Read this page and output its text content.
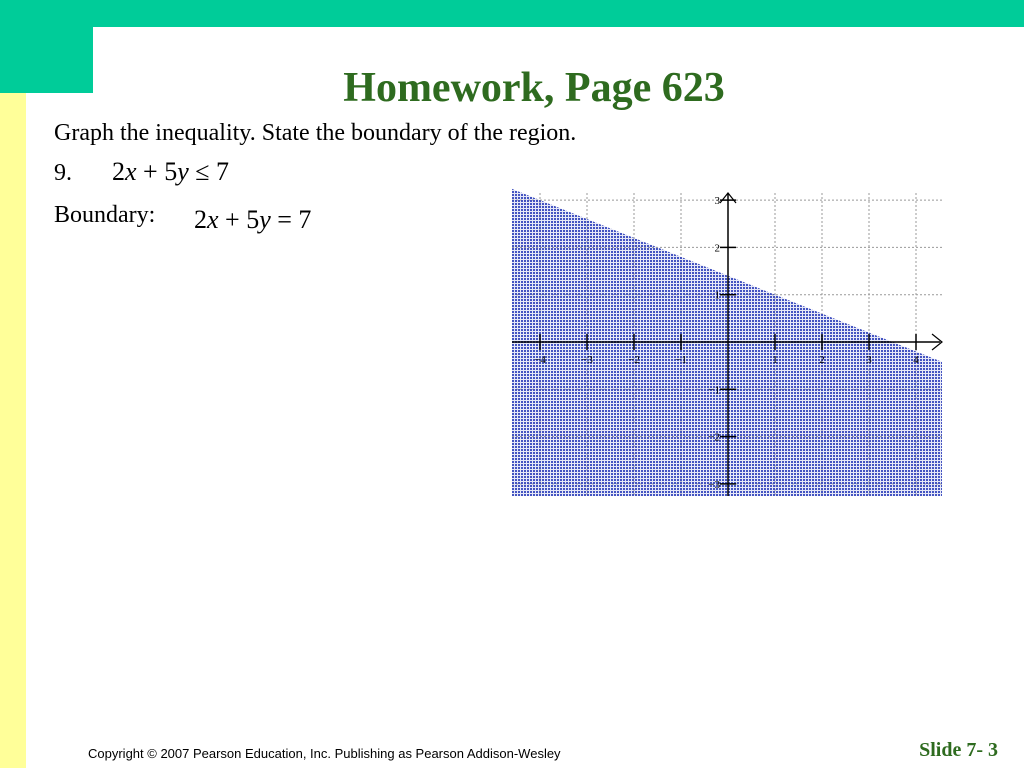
Homework, Page 623
Graph the inequality. State the boundary of the region.
9. 2x + 5y ≤ 7
Boundary: 2x + 5y = 7
−4	−3	−2	−1	1	2	3	4
3
2
1
−1
−2
−3
Copyright © 2007 Pearson Education, Inc. Publishing as Pearson Addison-Wesley	Slide 7- 3
